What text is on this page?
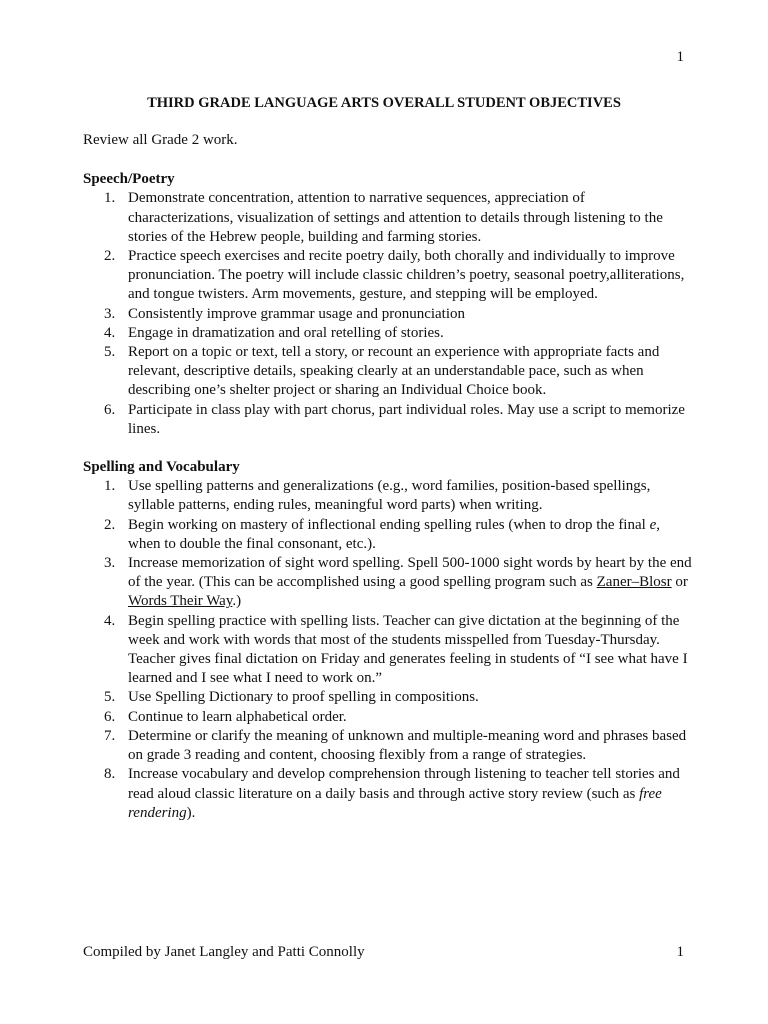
1
THIRD GRADE LANGUAGE ARTS OVERALL STUDENT OBJECTIVES

Review all Grade 2 work.

Speech/Poetry

1. Demonstrate concentration, attention to narrative sequences, appreciation of characterizations, visualization of settings and attention to details through listening to the stories of the Hebrew people, building and farming stories.
2. Practice speech exercises and recite poetry daily, both chorally and individually to improve pronunciation. The poetry will include classic children’s poetry, seasonal poetry,alliterations, and tongue twisters. Arm movements, gesture, and stepping will be employed.
3. Consistently improve grammar usage and pronunciation
4. Engage in dramatization and oral retelling of stories.
5. Report on a topic or text, tell a story, or recount an experience with appropriate facts and relevant, descriptive details, speaking clearly at an understandable pace, such as when describing one’s shelter project or sharing an Individual Choice book.
6. Participate in class play with part chorus, part individual roles. May use a script to memorize lines.

Spelling and Vocabulary

1. Use spelling patterns and generalizations (e.g., word families, position-based spellings, syllable patterns, ending rules, meaningful word parts) when writing.
2. Begin working on mastery of inflectional ending spelling rules (when to drop the final e, when to double the final consonant, etc.).
3. Increase memorization of sight word spelling. Spell 500-1000 sight words by heart by the end of the year. (This can be accomplished using a good spelling program such as Zaner–Blosr or Words Their Way.)
4. Begin spelling practice with spelling lists. Teacher can give dictation at the beginning of the week and work with words that most of the students misspelled from Tuesday-Thursday. Teacher gives final dictation on Friday and generates feeling in students of “I see what have I learned and I see what I need to work on.”
5. Use Spelling Dictionary to proof spelling in compositions.
6. Continue to learn alphabetical order.
7. Determine or clarify the meaning of unknown and multiple-meaning word and phrases based on grade 3 reading and content, choosing flexibly from a range of strategies.
8. Increase vocabulary and develop comprehension through listening to teacher tell stories and read aloud classic literature on a daily basis and through active story review (such as free rendering).
Compiled by Janet Langley and Patti Connolly	1
